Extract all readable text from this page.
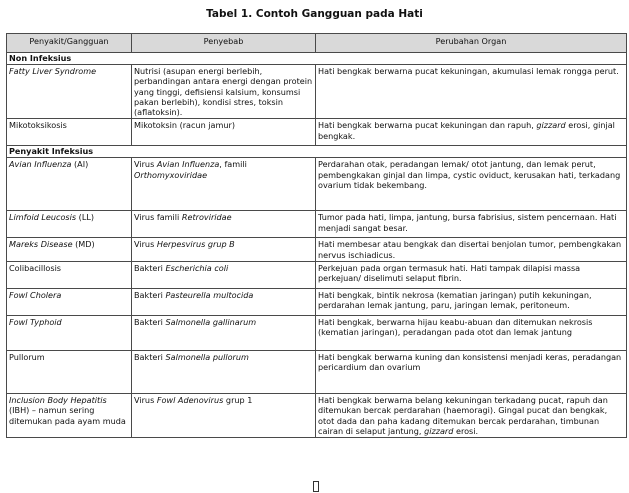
Tabel 1. Contoh Gangguan pada Hati
Penyakit/Gangguan	Penyebab	Perubahan Organ
Non Infeksius		
Fatty Liver Syndrome	Nutrisi (asupan energi berlebih, perbandingan antara energi dengan protein yang tinggi, defisiensi kalsium, konsumsi pakan berlebih), kondisi stres, toksin (aflatoksin).	Hati bengkak berwarna pucat kekuningan, akumulasi lemak rongga perut.
Mikotoksikosis	Mikotoksin (racun jamur)	Hati bengkak berwarna pucat kekuningan dan rapuh, gizzard erosi, ginjal bengkak.
Penyakit Infeksius		
Avian Influenza (AI)	Virus Avian Influenza, famili Orthomyxoviridae	Perdarahan otak, peradangan lemak/ otot jantung, dan lemak perut, pembengkakan ginjal dan limpa, cystic oviduct, kerusakan hati, terkadang ovarium tidak bekembang.
Limfoid Leucosis (LL)	Virus famili Retroviridae	Tumor pada hati, limpa, jantung, bursa fabrisius, sistem pencernaan. Hati menjadi sangat besar.
Mareks Disease (MD)	Virus Herpesvirus grup B	Hati membesar atau bengkak dan disertai benjolan tumor, pembengkakan nervus ischiadicus.
Colibacillosis	Bakteri Escherichia coli	Perkejuan pada organ termasuk hati. Hati tampak dilapisi massa perkejuan/ diselimuti selaput fibrin.
Fowl Cholera	Bakteri Pasteurella multocida	Hati bengkak, bintik nekrosa (kematian jaringan) putih kekuningan, perdarahan lemak jantung, paru, jaringan lemak, peritoneum.
Fowl Typhoid	Bakteri Salmonella gallinarum	Hati bengkak, berwarna hijau keabu-abuan dan ditemukan nekrosis (kematian jaringan), peradangan pada otot dan lemak jantung
Pullorum	Bakteri Salmonella pullorum	Hati bengkak berwarna kuning dan konsistensi menjadi keras, peradangan pericardium dan ovarium
Inclusion Body Hepatitis (IBH) – namun sering ditemukan pada ayam muda	Virus Fowl Adenovirus grup 1	Hati bengkak berwarna belang kekuningan terkadang pucat, rapuh dan ditemukan bercak perdarahan (haemoragi). Gingal pucat dan bengkak, otot dada dan paha kadang ditemukan bercak perdarahan, timbunan cairan di selaput jantung, gizzard erosi.
